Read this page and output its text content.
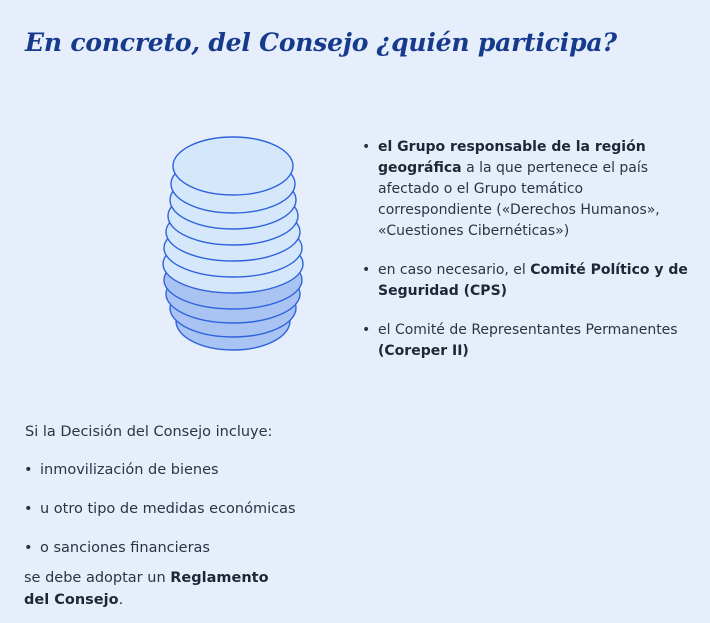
En concreto, del Consejo ¿quién participa?
• el Grupo responsable de la región geográfica a la que pertenece el país afectado o el Grupo temático correspondiente («Derechos Humanos», «Cuestiones Cibernéticas»)
• en caso necesario, el Comité Político y de Seguridad (CPS)
• el Comité de Representantes Permanentes (Coreper II)
Si la Decisión del Consejo incluye:
• inmovilización de bienes
• u otro tipo de medidas económicas
• o sanciones financieras
se debe adoptar un Reglamento
del Consejo.
